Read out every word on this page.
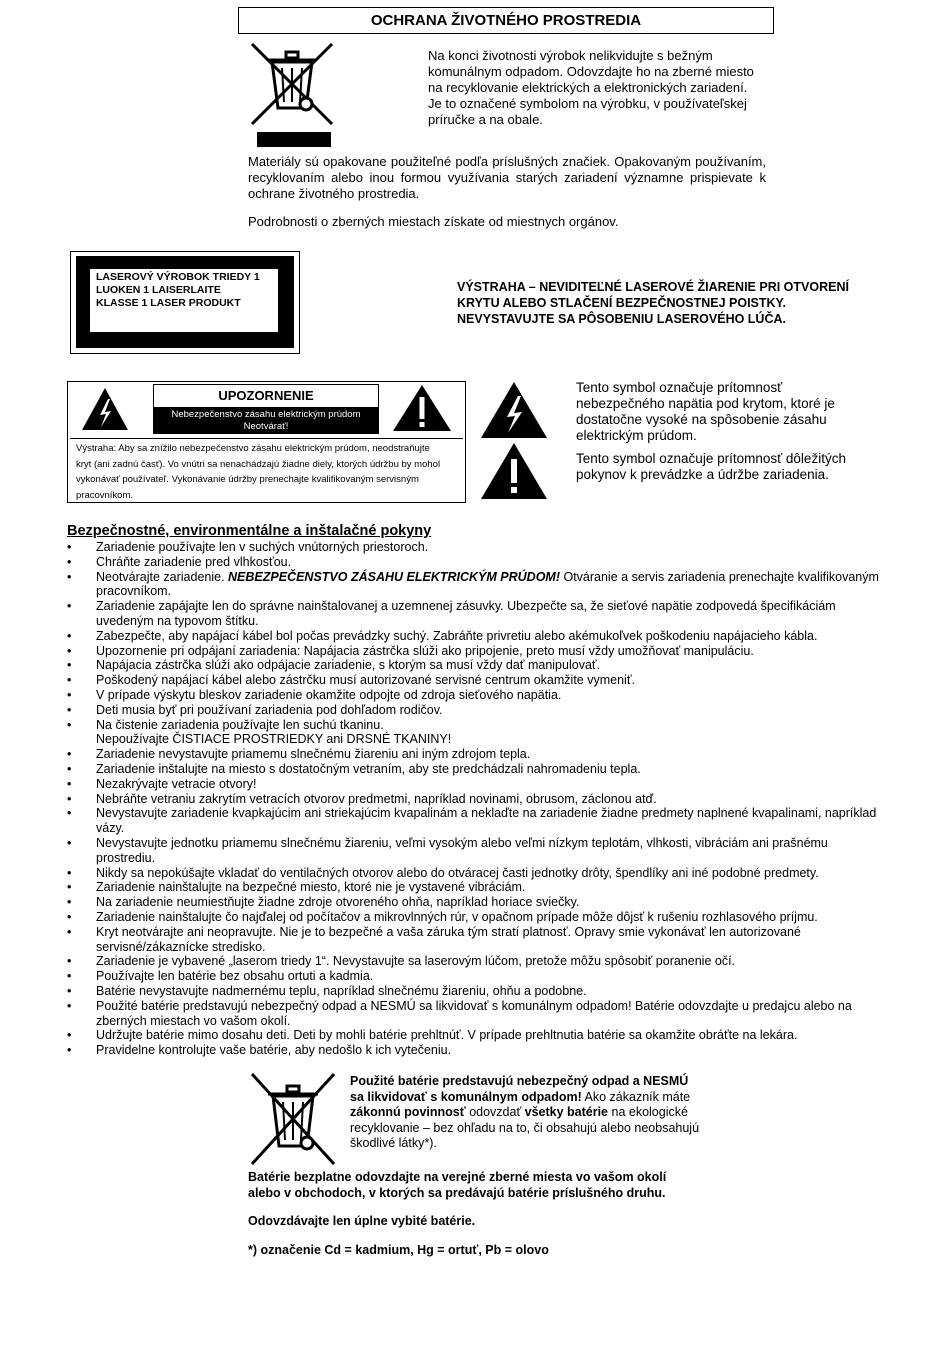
OCHRANA ŽIVOTNÉHO PROSTREDIA
Na konci životnosti výrobok nelikvidujte s bežným
komunálnym odpadom. Odovzdajte ho na zberné miesto
na recyklovanie elektrických a elektronických zariadení.
Je to označené symbolom na výrobku, v používateľskej
príručke a na obale.
Materiály sú opakovane použiteľné podľa príslušných značiek. Opakovaným používaním, recyklovaním alebo inou formou využívania starých zariadení významne prispievate k ochrane životného prostredia.
Podrobnosti o zberných miestach získate od miestnych orgánov.
LASEROVÝ VÝROBOK TRIEDY 1
LUOKEN 1 LAISERLAITE
KLASSE 1 LASER PRODUKT
VÝSTRAHA – NEVIDITEĽNÉ LASEROVÉ ŽIARENIE PRI OTVORENÍ
KRYTU ALEBO STLAČENÍ BEZPEČNOSTNEJ POISTKY.
NEVYSTAVUJTE SA PÔSOBENIU LASEROVÉHO LÚČA.
UPOZORNENIE
Nebezpečenstvo zásahu elektrickým prúdom
Neotvárať!
Výstraha: Aby sa znížilo nebezpečenstvo zásahu elektrickým prúdom, neodstraňujte
kryt (ani zadnú časť). Vo vnútri sa nenachádzajú žiadne diely, ktorých údržbu by mohol
vykonávať používateľ. Vykonávanie údržby prenechajte kvalifikovaným servisným
pracovníkom.
Tento symbol označuje prítomnosť
nebezpečného napätia pod krytom, ktoré je
dostatočne vysoké na spôsobenie zásahu
elektrickým prúdom.
Tento symbol označuje prítomnosť dôležitých
pokynov k prevádzke a údržbe zariadenia.
Bezpečnostné, environmentálne a inštalačné pokyny
• Zariadenie používajte len v suchých vnútorných priestoroch.
• Chráňte zariadenie pred vlhkosťou.
• Neotvárajte zariadenie. NEBEZPEČENSTVO ZÁSAHU ELEKTRICKÝM PRÚDOM! Otváranie a servis zariadenia prenechajte kvalifikovaným pracovníkom.
• Zariadenie zapájajte len do správne nainštalovanej a uzemnenej zásuvky. Ubezpečte sa, že sieťové napätie zodpovedá špecifikáciám uvedeným na typovom štítku.
• Zabezpečte, aby napájací kábel bol počas prevádzky suchý. Zabráňte privretiu alebo akémukoľvek poškodeniu napájacieho kábla.
• Upozornenie pri odpájaní zariadenia: Napájacia zástrčka slúži ako pripojenie, preto musí vždy umožňovať manipuláciu.
• Napájacia zástrčka slúži ako odpájacie zariadenie, s ktorým sa musí vždy dať manipulovať.
• Poškodený napájací kábel alebo zástrčku musí autorizované servisné centrum okamžite vymeniť.
• V prípade výskytu bleskov zariadenie okamžite odpojte od zdroja sieťového napätia.
• Deti musia byť pri používaní zariadenia pod dohľadom rodičov.
• Na čistenie zariadenia používajte len suchú tkaninu.
Nepoužívajte ČISTIACE PROSTRIEDKY ani DRSNÉ TKANINY!
• Zariadenie nevystavujte priamemu slnečnému žiareniu ani iným zdrojom tepla.
• Zariadenie inštalujte na miesto s dostatočným vetraním, aby ste predchádzali nahromadeniu tepla.
• Nezakrývajte vetracie otvory!
• Nebráňte vetraniu zakrytím vetracích otvorov predmetmi, napríklad novinami, obrusom, záclonou atď.
• Nevystavujte zariadenie kvapkajúcim ani striekajúcim kvapalinám a neklaďte na zariadenie žiadne predmety naplnené kvapalinami, napríklad vázy.
• Nevystavujte jednotku priamemu slnečnému žiareniu, veľmi vysokým alebo veľmi nízkym teplotám, vlhkosti, vibráciám ani prašnému prostrediu.
• Nikdy sa nepokúšajte vkladať do ventilačných otvorov alebo do otváracej časti jednotky drôty, špendlíky ani iné podobné predmety.
• Zariadenie nainštalujte na bezpečné miesto, ktoré nie je vystavené vibráciám.
• Na zariadenie neumiestňujte žiadne zdroje otvoreného ohňa, napríklad horiace sviečky.
• Zariadenie nainštalujte čo najďalej od počítačov a mikrovlnných rúr, v opačnom prípade môže dôjsť k rušeniu rozhlasového príjmu.
• Kryt neotvárajte ani neopravujte. Nie je to bezpečné a vaša záruka tým stratí platnosť. Opravy smie vykonávať len autorizované servisné/zákaznícke stredisko.
• Zariadenie je vybavené „laserom triedy 1“. Nevystavujte sa laserovým lúčom, pretože môžu spôsobiť poranenie očí.
• Používajte len batérie bez obsahu ortuti a kadmia.
• Batérie nevystavujte nadmernému teplu, napríklad slnečnému žiareniu, ohňu a podobne.
• Použité batérie predstavujú nebezpečný odpad a NESMÚ sa likvidovať s komunálnym odpadom! Batérie odovzdajte u predajcu alebo na zberných miestach vo vašom okolí.
• Udržujte batérie mimo dosahu deti. Deti by mohli batérie prehltnúť. V prípade prehltnutia batérie sa okamžite obráťte na lekára.
• Pravidelne kontrolujte vaše batérie, aby nedošlo k ich vytečeniu.
Použité batérie predstavujú nebezpečný odpad a NESMÚ
sa likvidovať s komunálnym odpadom! Ako zákazník máte
zákonnú povinnosť odovzdať všetky batérie na ekologické
recyklovanie – bez ohľadu na to, či obsahujú alebo neobsahujú
škodlivé látky*).
Batérie bezplatne odovzdajte na verejné zberné miesta vo vašom okolí
alebo v obchodoch, v ktorých sa predávajú batérie príslušného druhu.
Odovzdávajte len úplne vybité batérie.
*) označenie Cd = kadmium, Hg = ortuť, Pb = olovo
